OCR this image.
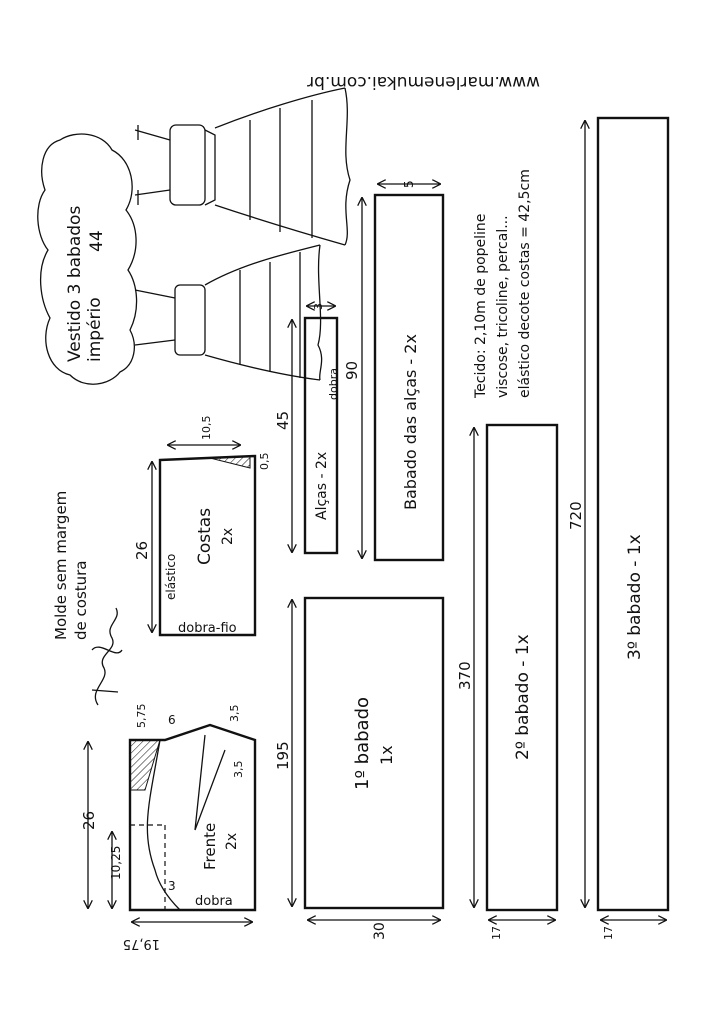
www.marlenemukai.com.br
Vestido 3 babados império
44
Molde sem margem de costura
Tecido: 2,10m de popeline viscose, tricoline, percal... elástico decote costas = 42,5cm
10,5
0,5
26
elástico
Costas 2x
dobra-fio
26
10,25
5,75 6	3,5
3,5
3
Frente 2x
dobra
19,75
45
3
dobra
Alças - 2x
90
5
Babado das alças - 2x
195
30
1º babado 1x
370
17
2º babado - 1x
720
17
3º babado - 1x
